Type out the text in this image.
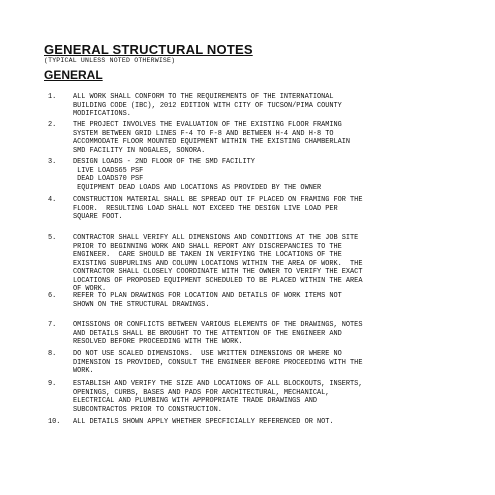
GENERAL STRUCTURAL NOTES
(TYPICAL UNLESS NOTED OTHERWISE)
GENERAL
1. ALL WORK SHALL CONFORM TO THE REQUIREMENTS OF THE INTERNATIONAL
BUILDING CODE (IBC), 2012 EDITION WITH CITY OF TUCSON/PIMA COUNTY
MODIFICATIONS.
2. THE PROJECT INVOLVES THE EVALUATION OF THE EXISTING FLOOR FRAMING
SYSTEM BETWEEN GRID LINES F-4 TO F-8 AND BETWEEN H-4 AND H-8 TO
ACCOMMODATE FLOOR MOUNTED EQUIPMENT WITHIN THE EXISTING CHAMBERLAIN
SMD FACILITY IN NOGALES, SONORA.
3. DESIGN LOADS - 2ND FLOOR OF THE SMD FACILITY
LIVE LOADS65 PSF
DEAD LOADS70 PSF
EQUIPMENT DEAD LOADS AND LOCATIONS AS PROVIDED BY THE OWNER
4. CONSTRUCTION MATERIAL SHALL BE SPREAD OUT IF PLACED ON FRAMING FOR THE
FLOOR.  RESULTING LOAD SHALL NOT EXCEED THE DESIGN LIVE LOAD PER
SQUARE FOOT.
5. CONTRACTOR SHALL VERIFY ALL DIMENSIONS AND CONDITIONS AT THE JOB SITE
PRIOR TO BEGINNING WORK AND SHALL REPORT ANY DISCREPANCIES TO THE
ENGINEER.  CARE SHOULD BE TAKEN IN VERIFYING THE LOCATIONS OF THE
EXISTING SUBPURLINS AND COLUMN LOCATIONS WITHIN THE AREA OF WORK.  THE
CONTRACTOR SHALL CLOSELY COORDINATE WITH THE OWNER TO VERIFY THE EXACT
LOCATIONS OF PROPOSED EQUIPMENT SCHEDULED TO BE PLACED WITHIN THE AREA
OF WORK.
6. REFER TO PLAN DRAWINGS FOR LOCATION AND DETAILS OF WORK ITEMS NOT
SHOWN ON THE STRUCTURAL DRAWINGS.
7. OMISSIONS OR CONFLICTS BETWEEN VARIOUS ELEMENTS OF THE DRAWINGS, NOTES
AND DETAILS SHALL BE BROUGHT TO THE ATTENTION OF THE ENGINEER AND
RESOLVED BEFORE PROCEEDING WITH THE WORK.
8. DO NOT USE SCALED DIMENSIONS.  USE WRITTEN DIMENSIONS OR WHERE NO
DIMENSION IS PROVIDED, CONSULT THE ENGINEER BEFORE PROCEEDING WITH THE
WORK.
9. ESTABLISH AND VERIFY THE SIZE AND LOCATIONS OF ALL BLOCKOUTS, INSERTS,
OPENINGS, CURBS, BASES AND PADS FOR ARCHITECTURAL, MECHANICAL,
ELECTRICAL AND PLUMBING WITH APPROPRIATE TRADE DRAWINGS AND
SUBCONTRACTOS PRIOR TO CONSTRUCTION.
10. ALL DETAILS SHOWN APPLY WHETHER SPECFICIALLY REFERENCED OR NOT.
